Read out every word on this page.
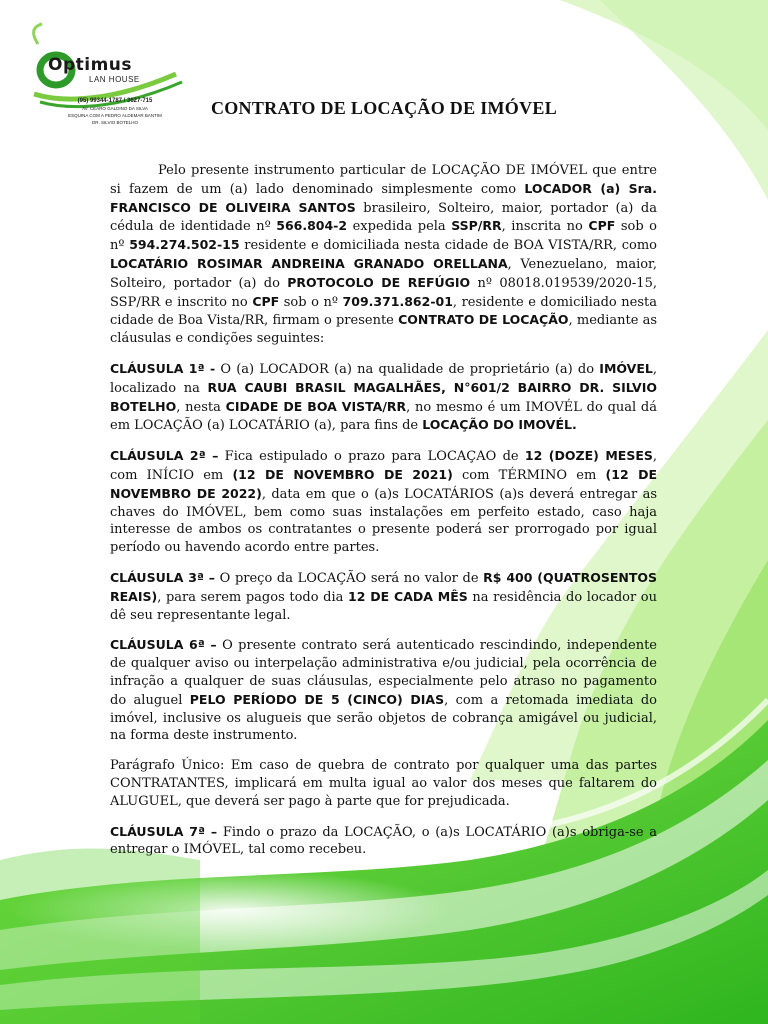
Optimus
LAN HOUSE
(95) 99344-1787 / 3627-715
AV. CEARO GALDINO DA SILVA
ESQUINA COM A PEDRO ALDEMAR BANTIM
DR. SILVIO BOTELHO
CONTRATO DE LOCAÇÃO DE IMÓVEL

Pelo presente instrumento particular de LOCAÇÃO DE IMÓVEL que entre si fazem de um (a) lado denominado simplesmente como LOCADOR (a) Sra. FRANCISCO DE OLIVEIRA SANTOS brasileiro, Solteiro, maior, portador (a) da cédula de identidade nº 566.804-2 expedida pela SSP/RR, inscrita no CPF sob o nº 594.274.502-15 residente e domiciliada nesta cidade de BOA VISTA/RR, como LOCATÁRIO ROSIMAR ANDREINA GRANADO ORELLANA, Venezuelano, maior, Solteiro, portador (a) do PROTOCOLO DE REFÚGIO nº 08018.019539/2020-15, SSP/RR e inscrito no CPF sob o nº 709.371.862-01, residente e domiciliado nesta cidade de Boa Vista/RR, firmam o presente CONTRATO DE LOCAÇÃO, mediante as cláusulas e condições seguintes:

CLÁUSULA 1ª - O (a) LOCADOR (a) na qualidade de proprietário (a) do IMÓVEL, localizado na RUA CAUBI BRASIL MAGALHÃES, N°601/2 BAIRRO DR. SILVIO BOTELHO, nesta CIDADE DE BOA VISTA/RR, no mesmo é um IMOVÉL do qual dá em LOCAÇÃO (a) LOCATÁRIO (a), para fins de LOCAÇÃO DO IMOVÉL.

CLÁUSULA 2ª – Fica estipulado o prazo para LOCAÇAO de 12 (DOZE) MESES, com INÍCIO em (12 DE NOVEMBRO DE 2021) com TÉRMINO em (12 DE NOVEMBRO DE 2022), data em que o (a)s LOCATÁRIOS (a)s deverá entregar as chaves do IMÓVEL, bem como suas instalações em perfeito estado, caso haja interesse de ambos os contratantes o presente poderá ser prorrogado por igual período ou havendo acordo entre partes.

CLÁUSULA 3ª – O preço da LOCAÇÃO será no valor de R$ 400 (QUATROSENTOS REAIS), para serem pagos todo dia 12 DE CADA MÊS na residência do locador ou dê seu representante legal.

CLÁUSULA 6ª – O presente contrato será autenticado rescindindo, independente de qualquer aviso ou interpelação administrativa e/ou judicial, pela ocorrência de infração a qualquer de suas cláusulas, especialmente pelo atraso no pagamento do aluguel PELO PERÍODO DE 5 (CINCO) DIAS, com a retomada imediata do imóvel, inclusive os alugueis que serão objetos de cobrança amigável ou judicial, na forma deste instrumento.

Parágrafo Único: Em caso de quebra de contrato por qualquer uma das partes CONTRATANTES, implicará em multa igual ao valor dos meses que faltarem do ALUGUEL, que deverá ser pago à parte que for prejudicada.

CLÁUSULA 7ª – Findo o prazo da LOCAÇÃO, o (a)s LOCATÁRIO (a)s obriga-se a entregar o IMÓVEL, tal como recebeu.
